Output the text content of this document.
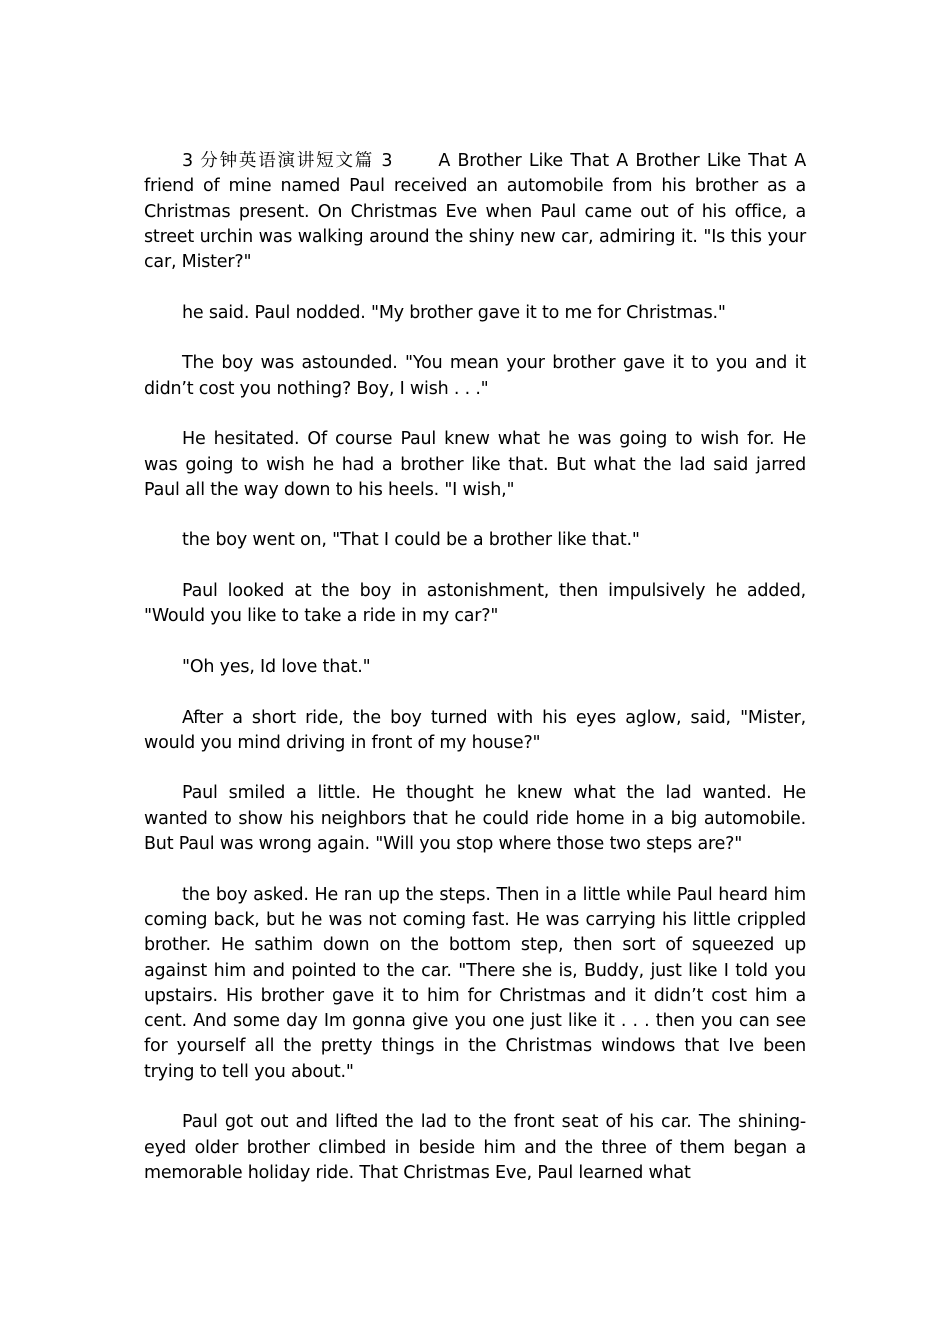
3 分钟英语演讲短文篇 3 　　A Brother Like That A Brother Like That A friend of mine named Paul received an automobile from his brother as a Christmas present. On Christmas Eve when Paul came out of his office, a street urchin was walking around the shiny new car, admiring it. "Is this your car, Mister?"

he said. Paul nodded. "My brother gave it to me for Christmas."

The boy was astounded. "You mean your brother gave it to you and it didn’t cost you nothing? Boy, I wish . . ."

He hesitated. Of course Paul knew what he was going to wish for. He was going to wish he had a brother like that. But what the lad said jarred Paul all the way down to his heels. "I wish,"

the boy went on, "That I could be a brother like that."

Paul looked at the boy in astonishment, then impulsively he added, "Would you like to take a ride in my car?"

"Oh yes, Id love that."

After a short ride, the boy turned with his eyes aglow, said, "Mister, would you mind driving in front of my house?"

Paul smiled a little. He thought he knew what the lad wanted. He wanted to show his neighbors that he could ride home in a big automobile. But Paul was wrong again. "Will you stop where those two steps are?"

the boy asked. He ran up the steps. Then in a little while Paul heard him coming back, but he was not coming fast. He was carrying his little crippled brother. He sathim down on the bottom step, then sort of squeezed up against him and pointed to the car. "There she is, Buddy, just like I told you upstairs. His brother gave it to him for Christmas and it didn’t cost him a cent. And some day Im gonna give you one just like it . . . then you can see for yourself all the pretty things in the Christmas windows that Ive been trying to tell you about."

Paul got out and lifted the lad to the front seat of his car. The shining-eyed older brother climbed in beside him and the three of them began a memorable holiday ride. That Christmas Eve, Paul learned what
